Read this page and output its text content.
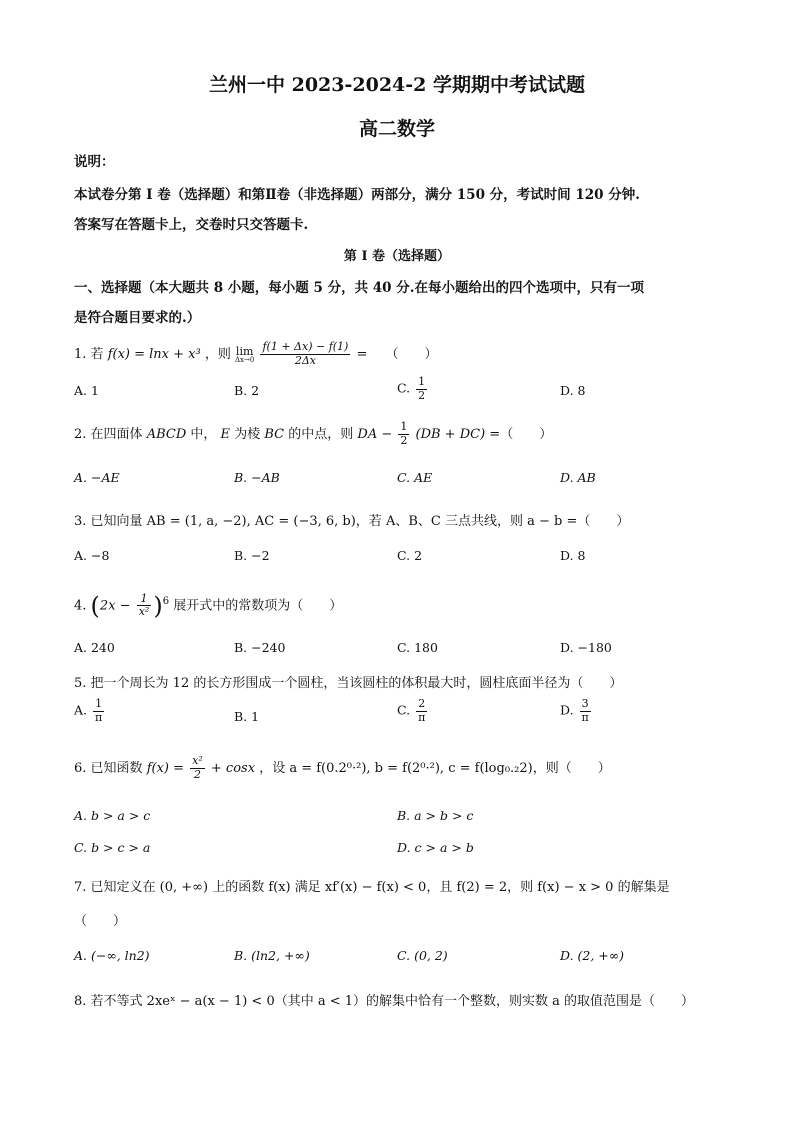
兰州一中 2023-2024-2 学期期中考试试题
高二数学
说明：
本试卷分第 I 卷（选择题）和第Ⅱ卷（非选择题）两部分，满分 150 分，考试时间 120 分钟.
答案写在答题卡上，交卷时只交答题卡.
第 I 卷（选择题）
一、选择题（本大题共 8 小题，每小题 5 分，共 40 分.在每小题给出的四个选项中，只有一项
是符合题目要求的.）
1. 若 f(x) = lnx + x³ ，则 lim
Δx→0
$\frac{f(1 + \Delta x) - f(1)}{2\Delta x}$ = （　　）
A. 1	B. 2	C. $\frac{1}{2}$	D. 8
2. 在四面体 ABCD 中， E 为棱 BC 的中点，则 DA − $\frac{1}{2} (DB + DC)$ =（　　）
A. −AE	B. −AB	C. AE	D. AB
3. 已知向量 AB = (1, a, −2), AC = (−3, 6, b)，若 A、B、C 三点共线，则 a − b =（　　）
A. −8	B. −2	C. 2	D. 8
4. $(2x - \frac{1}{\text{x²}} )^6$ 展开式中的常数项为（　　）
A. 240	B. −240	C. 180	D. −180
5. 把一个周长为 12 的长方形围成一个圆柱，当该圆柱的体积最大时，圆柱底面半径为（　　）
A. $\frac{1}{\pi}$	B. 1	C. $\frac{2}{\pi}$	D. $\frac{3}{\pi}$
6. 已知函数 $f(x) = \frac{\text{x²}}{2} + \cos x$ ，设 a = f(0.2⁰·²), b = f(2⁰·²), c = f(log₀.₂2)，则（　　）
A. b > a > c	B. a > b > c
C. b > c > a	D. c > a > b
7. 已知定义在 (0, +∞) 上的函数 f(x) 满足 xf′(x) − f(x) < 0，且 f(2) = 2，则 f(x) − x > 0 的解集是
（　　）
A. (−∞, ln2)	B. (ln2, +∞)	C. (0, 2)	D. (2, +∞)
8. 若不等式 2xeˣ − a(x − 1) < 0（其中 a < 1）的解集中恰有一个整数，则实数 a 的取值范围是（　　）
